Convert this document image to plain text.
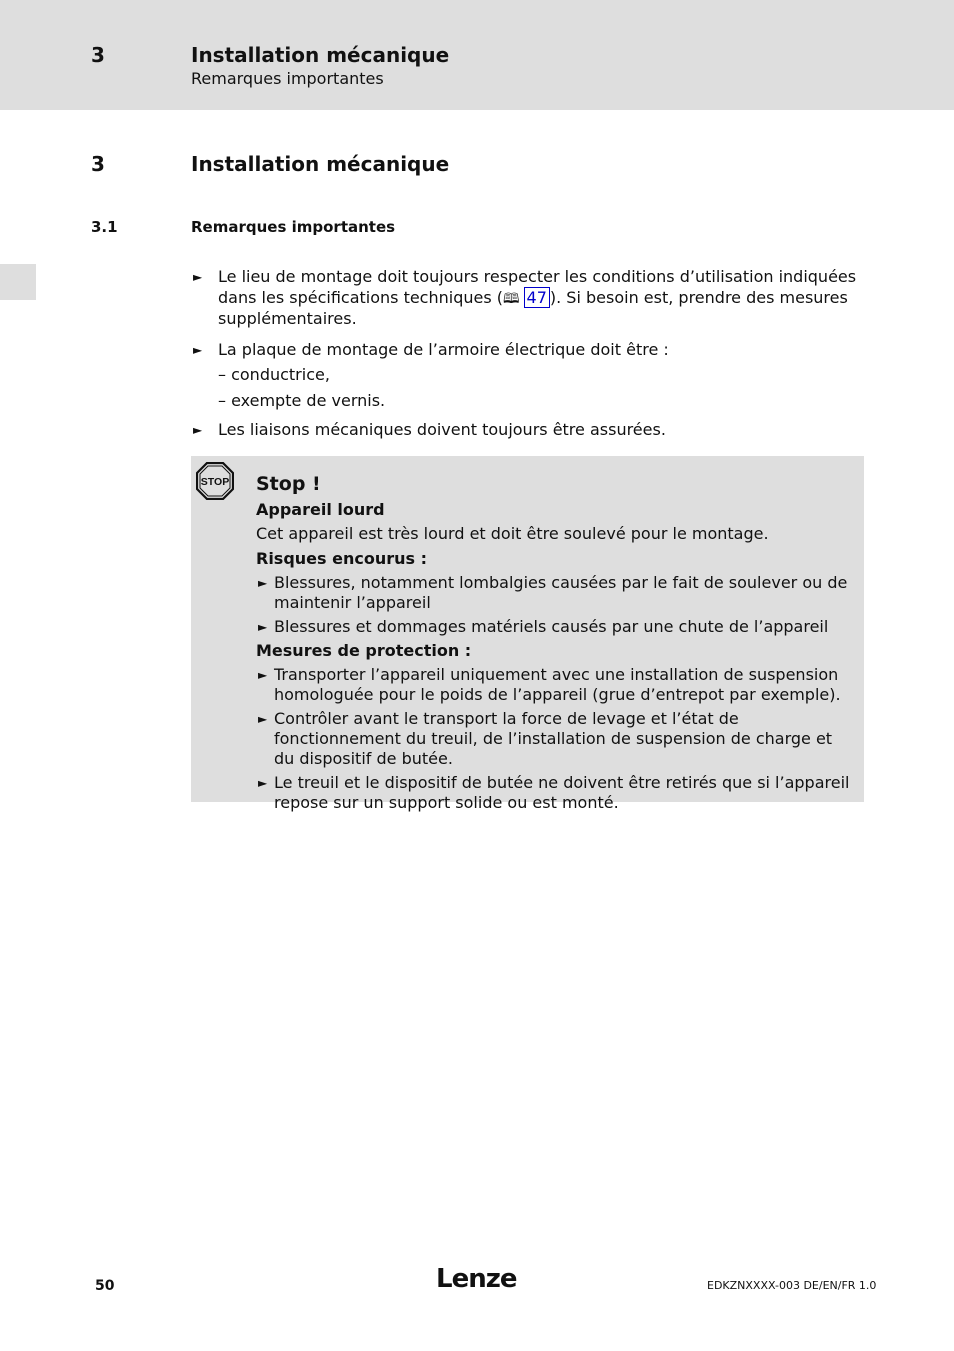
3	Installation mécanique
Remarques importantes
3	Installation mécanique
3.1	Remarques importantes
► Le lieu de montage doit toujours respecter les conditions d’utilisation indiquées dans les spécifications techniques (🕮 47 ). Si besoin est, prendre des mesures supplémentaires.
► La plaque de montage de l’armoire électrique doit être :
– conductrice,
– exempte de vernis.
► Les liaisons mécaniques doivent toujours être assurées.
STOP Stop !
Appareil lourd
Cet appareil est très lourd et doit être soulevé pour le montage.
Risques encourus :
► Blessures, notamment lombalgies causées par le fait de soulever ou de maintenir l’appareil
► Blessures et dommages matériels causés par une chute de l’appareil
Mesures de protection :
► Transporter l’appareil uniquement avec une installation de suspension homologuée pour le poids de l’appareil (grue d’entrepot par exemple).
► Contrôler avant le transport la force de levage et l’état de fonctionnement du treuil, de l’installation de suspension de charge et du dispositif de butée.
► Le treuil et le dispositif de butée ne doivent être retirés que si l’appareil repose sur un support solide ou est monté.
50	Lenze	EDKZNXXXX-003 DE/EN/FR 1.0
